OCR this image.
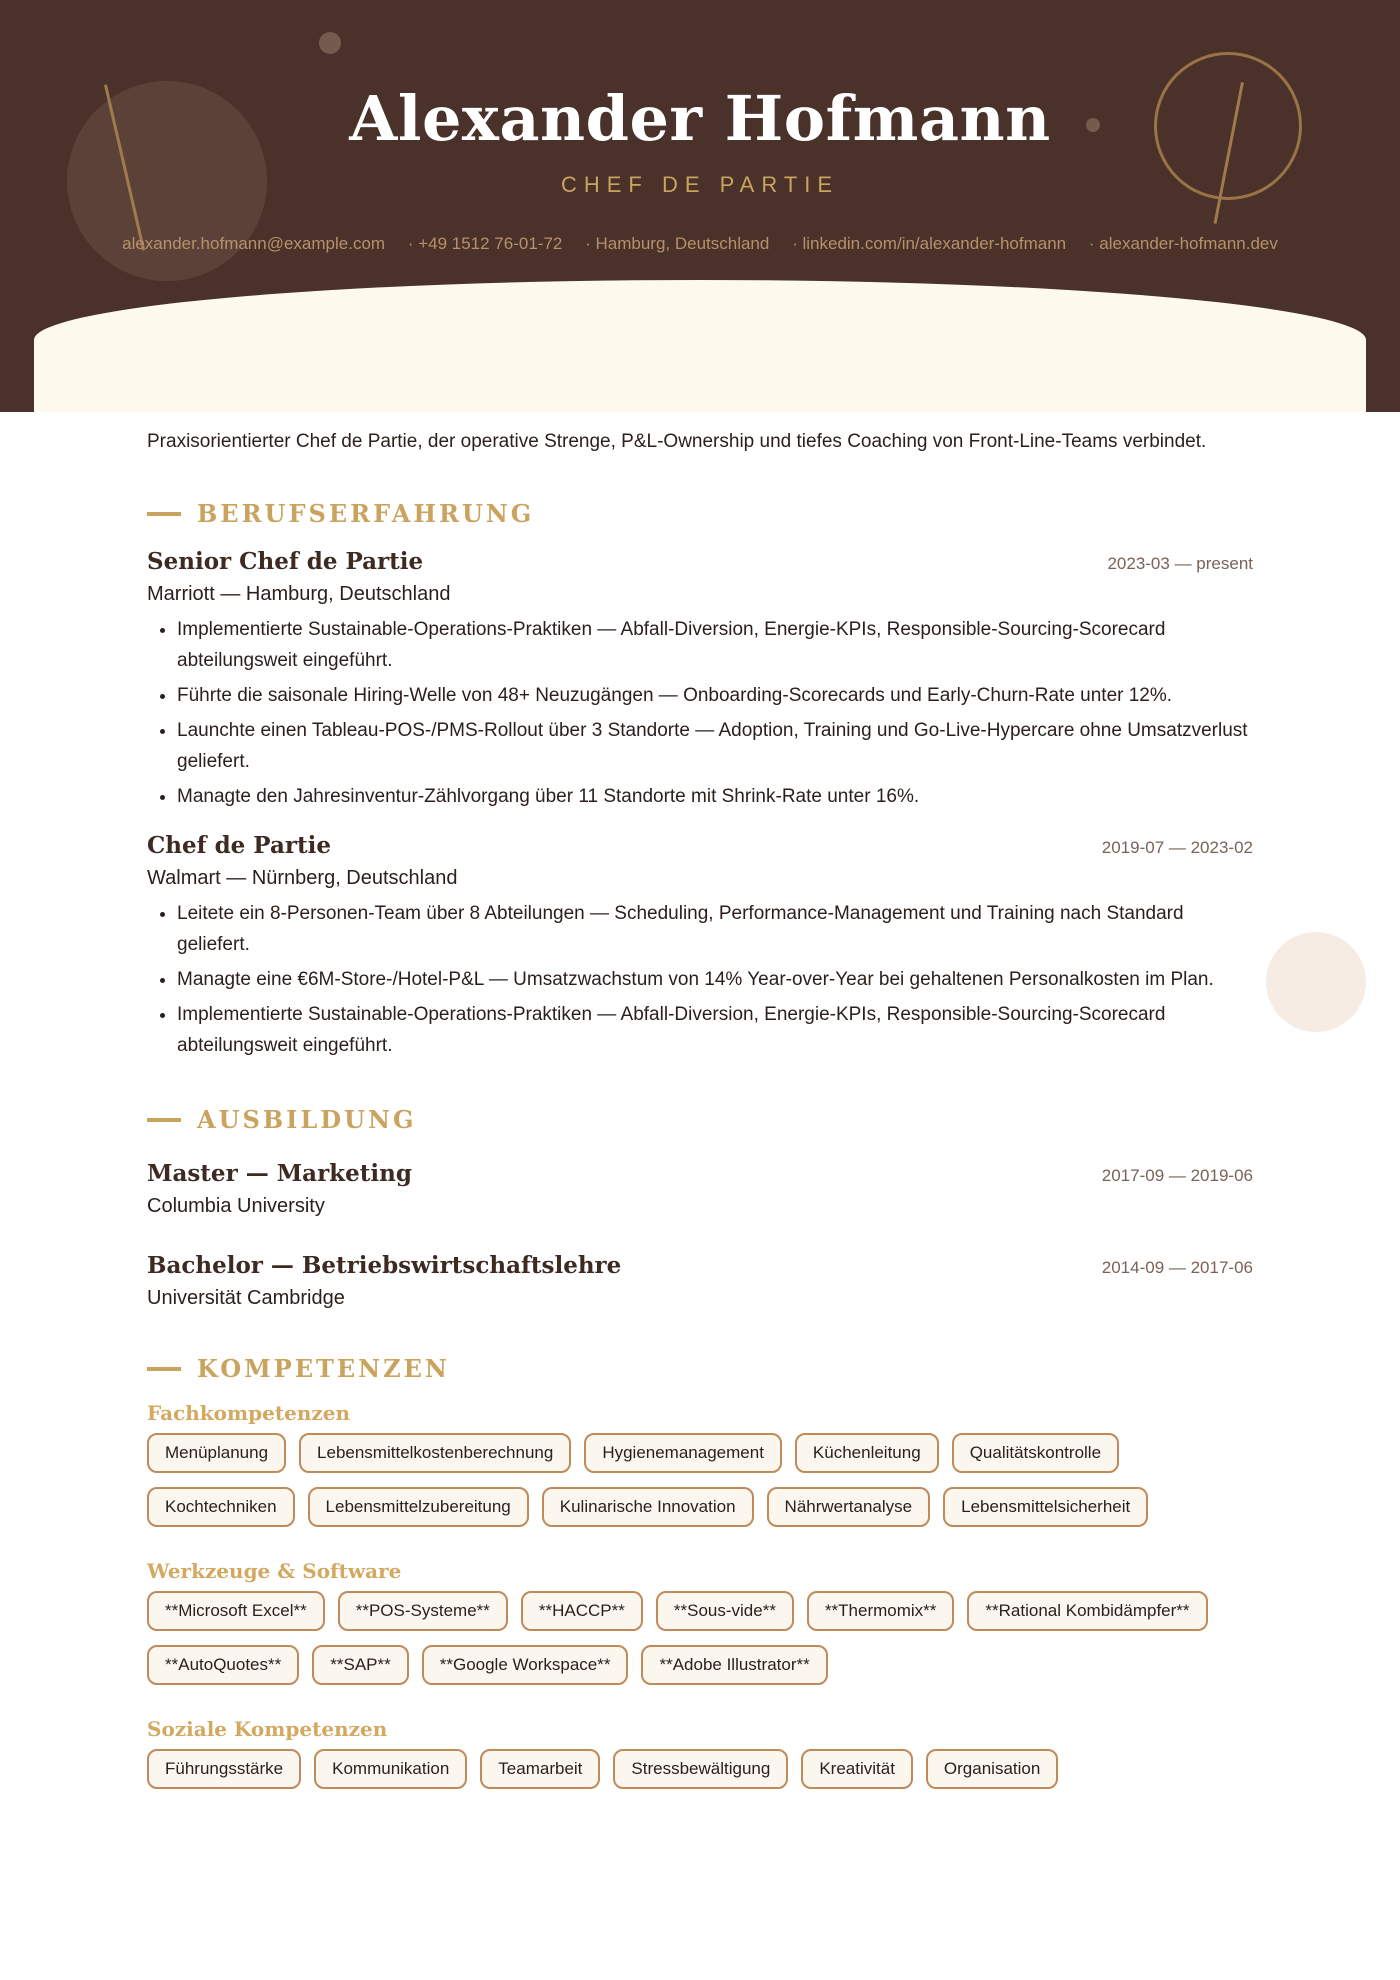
Alexander Hofmann
CHEF DE PARTIE
alexander.hofmann@example.com · +49 1512 76-01-72 · Hamburg, Deutschland · linkedin.com/in/alexander-hofmann · alexander-hofmann.dev

Praxisorientierter Chef de Partie, der operative Strenge, P&L-Ownership und tiefes Coaching von Front-Line-Teams verbindet.

BERUFSERFAHRUNG
Senior Chef de Partie	2023-03 — present
Marriott — Hamburg, Deutschland
• Implementierte Sustainable-Operations-Praktiken — Abfall-Diversion, Energie-KPIs, Responsible-Sourcing-Scorecard abteilungsweit eingeführt.
• Führte die saisonale Hiring-Welle von 48+ Neuzugängen — Onboarding-Scorecards und Early-Churn-Rate unter 12%.
• Launchte einen Tableau-POS-/PMS-Rollout über 3 Standorte — Adoption, Training und Go-Live-Hypercare ohne Umsatzverlust geliefert.
• Managte den Jahresinventur-Zählvorgang über 11 Standorte mit Shrink-Rate unter 16%.
Chef de Partie	2019-07 — 2023-02
Walmart — Nürnberg, Deutschland
• Leitete ein 8-Personen-Team über 8 Abteilungen — Scheduling, Performance-Management und Training nach Standard geliefert.
• Managte eine €6M-Store-/Hotel-P&L — Umsatzwachstum von 14% Year-over-Year bei gehaltenen Personalkosten im Plan.
• Implementierte Sustainable-Operations-Praktiken — Abfall-Diversion, Energie-KPIs, Responsible-Sourcing-Scorecard abteilungsweit eingeführt.
AUSBILDUNG
Master — Marketing	2017-09 — 2019-06
Columbia University
Bachelor — Betriebswirtschaftslehre	2014-09 — 2017-06
Universität Cambridge
KOMPETENZEN
Fachkompetenzen
Menüplanung	Lebensmittelkostenberechnung	Hygienemanagement	Küchenleitung	Qualitätskontrolle
Kochtechniken	Lebensmittelzubereitung	Kulinarische Innovation	Nährwertanalyse	Lebensmittelsicherheit
Werkzeuge & Software
**Microsoft Excel**	**POS-Systeme**	**HACCP**	**Sous-vide**	**Thermomix**	**Rational Kombidämpfer**
**AutoQuotes**	**SAP**	**Google Workspace**	**Adobe Illustrator**
Soziale Kompetenzen
Führungsstärke	Kommunikation	Teamarbeit	Stressbewältigung	Kreativität	Organisation
